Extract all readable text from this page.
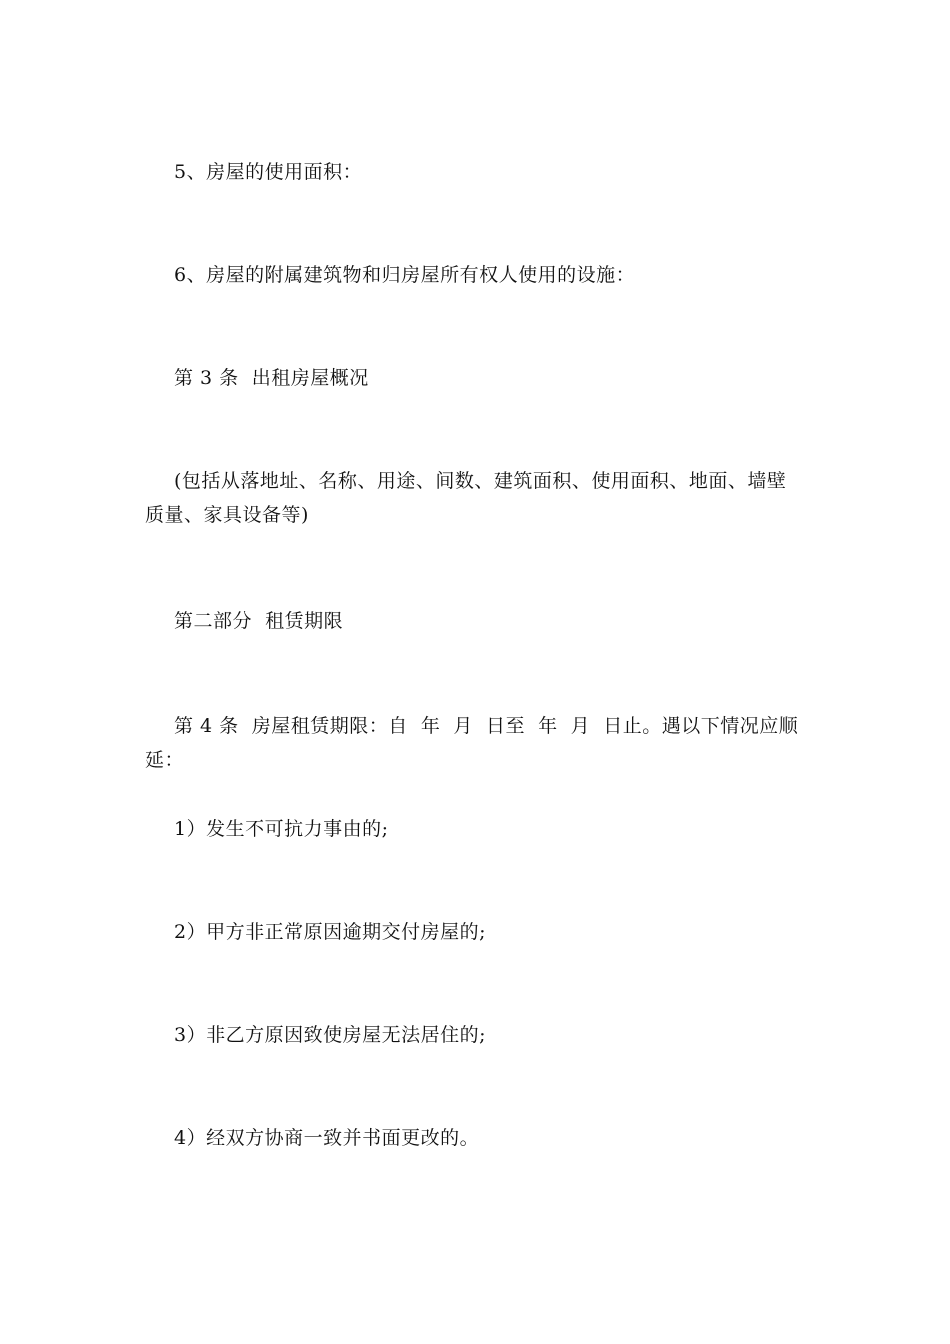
5、房屋的使用面积：

6、房屋的附属建筑物和归房屋所有权人使用的设施：

第 3 条  出租房屋概况

(包括从落地址、名称、用途、间数、建筑面积、使用面积、地面、墙壁质量、家具设备等)

第二部分  租赁期限

第 4 条  房屋租赁期限：自  年  月  日至  年  月  日止。遇以下情况应顺延：

1）发生不可抗力事由的;

2）甲方非正常原因逾期交付房屋的;

3）非乙方原因致使房屋无法居住的;

4）经双方协商一致并书面更改的。
